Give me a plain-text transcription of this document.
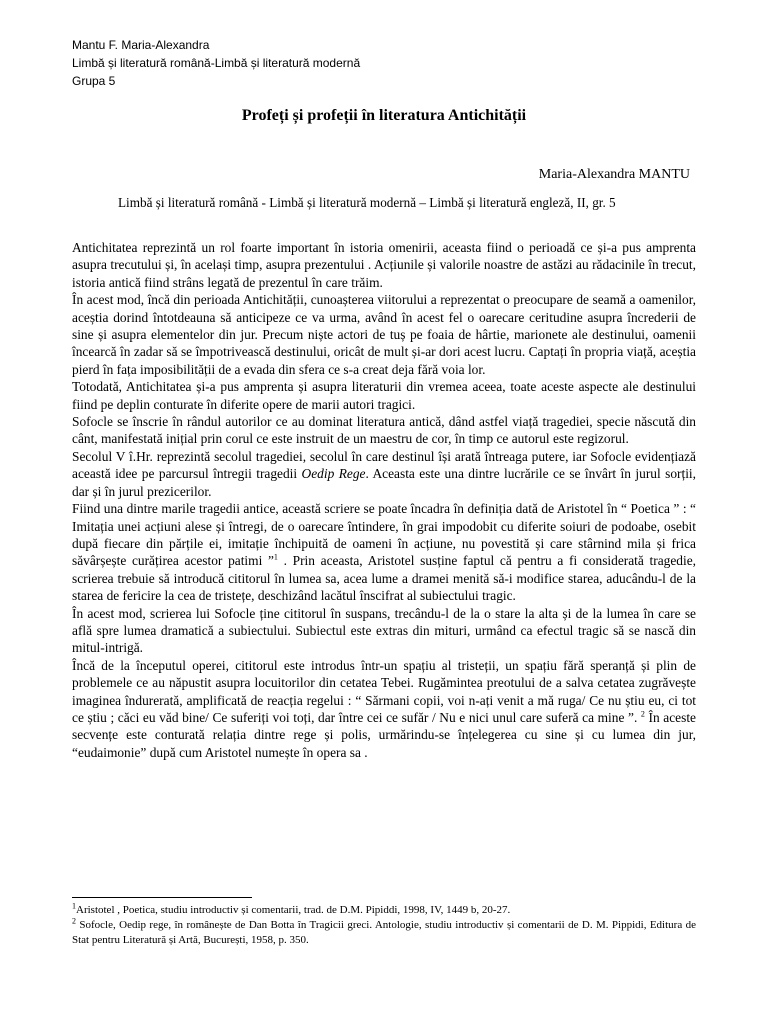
Mantu F. Maria-Alexandra
Limbă și literatură română-Limbă și literatură modernă
Grupa 5
Profeți și profeții în literatura Antichității
Maria-Alexandra MANTU
Limbă și literatură română - Limbă și literatură modernă – Limbă și literatură engleză, II, gr. 5

Antichitatea reprezintă un rol foarte important în istoria omenirii, aceasta fiind o perioadă ce și-a pus amprenta asupra trecutului și, în același timp, asupra prezentului . Acțiunile și valorile noastre de astăzi au rădacinile în trecut, istoria antică fiind strâns legată de prezentul în care trăim.

În acest mod, încă din perioada Antichității, cunoașterea viitorului a reprezentat o preocupare de seamă a oamenilor, aceștia dorind întotdeauna să anticipeze ce va urma, având în acest fel o oarecare ceritudine asupra încrederii de sine și asupra elementelor din jur. Precum niște actori de tuș pe foaia de hârtie, marionete ale destinului, oamenii încearcă în zadar să se împotrivească destinului, oricât de mult și-ar dori acest lucru. Captați în propria viață, aceștia pierd în fața imposibilității de a evada din sfera ce s-a creat deja fără voia lor.

Totodată, Antichitatea și-a pus amprenta și asupra literaturii din vremea aceea, toate aceste aspecte ale destinului fiind pe deplin conturate în diferite opere de marii autori tragici.

Sofocle se înscrie în rândul autorilor ce au dominat literatura antică, dând astfel viață tragediei, specie născută din cânt, manifestată inițial prin corul ce este instruit de un maestru de cor, în timp ce autorul este regizorul.

Secolul V î.Hr. reprezintă secolul tragediei, secolul în care destinul își arată întreaga putere, iar Sofocle evidențiază această idee pe parcursul întregii tragedii Oedip Rege. Aceasta este una dintre lucrările ce se învârt în jurul sorții, dar și în jurul prezicerilor.

Fiind una dintre marile tragedii antice, această scriere se poate încadra în definiția dată de Aristotel în “ Poetica ” : “ Imitația unei acțiuni alese și întregi, de o oarecare întindere, în grai impodobit cu diferite soiuri de podoabe, osebit după fiecare din părțile ei, imitație închipuită de oameni în acțiune, nu povestită și care stârnind mila și frica săvârșește curățirea acestor patimi ”$^1$ . Prin aceasta, Aristotel susține faptul că pentru a fi considerată tragedie, scrierea trebuie să introducă cititorul în lumea sa, acea lume a dramei menită să-i modifice starea, aducându-l de la starea de fericire la cea de tristețe, deschizând lacătul înscifrat al subiectului tragic.

În acest mod, scrierea lui Sofocle ține cititorul în suspans, trecându-l de la o stare la alta și de la lumea în care se află spre lumea dramatică a subiectului. Subiectul este extras din mituri, urmând ca efectul tragic să se nască din mitul-intrigă.

Încă de la începutul operei, cititorul este introdus într-un spațiu al tristeții, un spațiu fără speranță și plin de problemele ce au năpustit asupra locuitorilor din cetatea Tebei. Rugămintea preotului de a salva cetatea zugrăvește imaginea îndurerată, amplificată de reacția regelui : “ Sărmani copii, voi n-ați venit a mă ruga/ Ce nu știu eu, ci tot ce știu ; căci eu văd bine/ Ce suferiți voi toți, dar între cei ce sufăr / Nu e nici unul care suferă ca mine ”. $^2$ În aceste secvențe este conturată relația dintre rege și polis, urmărindu-se înțelegerea cu sine și cu lumea din jur, “eudaimonie” după cum Aristotel numește în opera sa .

$^1$Aristotel , Poetica, studiu introductiv și comentarii, trad. de D.M. Pipiddi, 1998, IV, 1449 b, 20-27.

$^2$ Sofocle, Oedip rege, în românește de Dan Botta în Tragicii greci. Antologie, studiu introductiv și comentarii de D. M. Pippidi, Editura de Stat pentru Literatură și Artă, București, 1958, p. 350.
